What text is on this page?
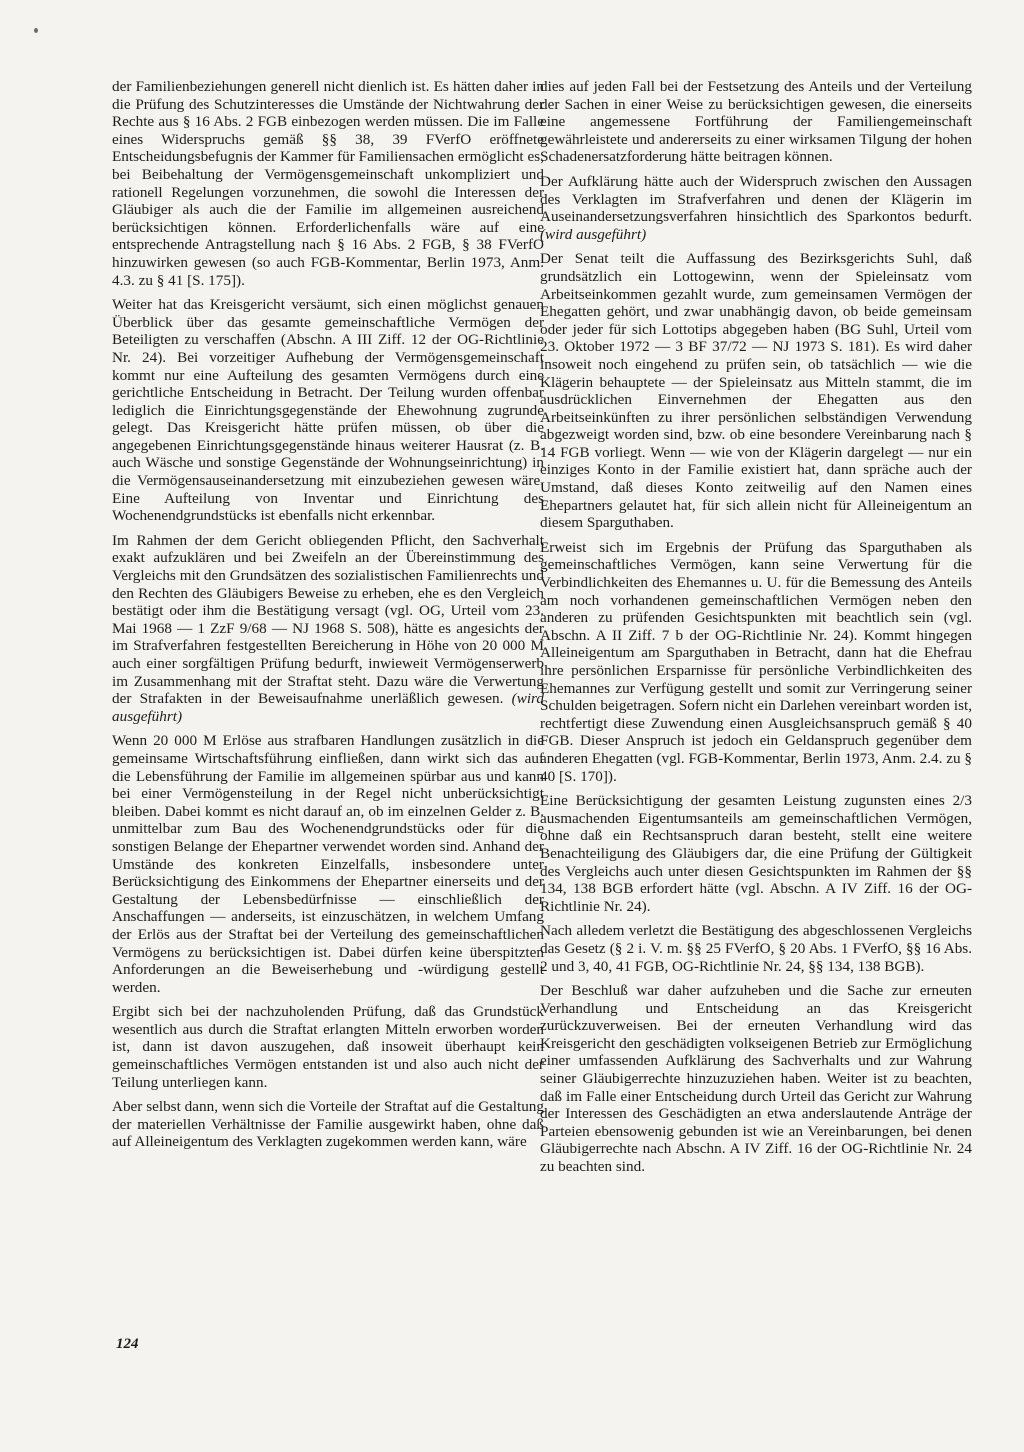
der Familienbeziehungen generell nicht dienlich ist. Es hätten daher in die Prüfung des Schutzinteresses die Umstände der Nichtwahrung der Rechte aus § 16 Abs. 2 FGB einbezogen werden müssen. Die im Falle eines Widerspruchs gemäß §§ 38, 39 FVerfO eröffnete Entscheidungsbefugnis der Kammer für Familiensachen ermöglicht es, bei Beibehaltung der Vermögensgemeinschaft unkompliziert und rationell Regelungen vorzunehmen, die sowohl die Interessen der Gläubiger als auch die der Familie im allgemeinen ausreichend berücksichtigen können. Erforderlichenfalls wäre auf eine entsprechende Antragstellung nach § 16 Abs. 2 FGB, § 38 FVerfO hinzuwirken gewesen (so auch FGB-Kommentar, Berlin 1973, Anm. 4.3. zu § 41 [S. 175]).

Weiter hat das Kreisgericht versäumt, sich einen möglichst genauen Überblick über das gesamte gemeinschaftliche Vermögen der Beteiligten zu verschaffen (Abschn. A III Ziff. 12 der OG-Richtlinie Nr. 24). Bei vorzeitiger Aufhebung der Vermögensgemeinschaft kommt nur eine Aufteilung des gesamten Vermögens durch eine gerichtliche Entscheidung in Betracht. Der Teilung wurden offenbar lediglich die Einrichtungsgegenstände der Ehewohnung zugrunde gelegt. Das Kreisgericht hätte prüfen müssen, ob über die angegebenen Einrichtungsgegenstände hinaus weiterer Hausrat (z. B. auch Wäsche und sonstige Gegenstände der Wohnungseinrichtung) in die Vermögensauseinandersetzung mit einzubeziehen gewesen wäre. Eine Aufteilung von Inventar und Einrichtung des Wochenendgrundstücks ist ebenfalls nicht erkennbar.

Im Rahmen der dem Gericht obliegenden Pflicht, den Sachverhalt exakt aufzuklären und bei Zweifeln an der Übereinstimmung des Vergleichs mit den Grundsätzen des sozialistischen Familienrechts und den Rechten des Gläubigers Beweise zu erheben, ehe es den Vergleich bestätigt oder ihm die Bestätigung versagt (vgl. OG, Urteil vom 23. Mai 1968 — 1 ZzF 9/68 — NJ 1968 S. 508), hätte es angesichts der im Strafverfahren festgestellten Bereicherung in Höhe von 20 000 M auch einer sorgfältigen Prüfung bedurft, inwieweit Vermögenserwerb im Zusammenhang mit der Straftat steht. Dazu wäre die Verwertung der Strafakten in der Beweisaufnahme unerläßlich gewesen. (wird ausgeführt)

Wenn 20 000 M Erlöse aus strafbaren Handlungen zusätzlich in die gemeinsame Wirtschaftsführung einfließen, dann wirkt sich das auf die Lebensführung der Familie im allgemeinen spürbar aus und kann bei einer Vermögensteilung in der Regel nicht unberücksichtigt bleiben. Dabei kommt es nicht darauf an, ob im einzelnen Gelder z. B. unmittelbar zum Bau des Wochenendgrundstücks oder für die sonstigen Belange der Ehepartner verwendet worden sind. Anhand der Umstände des konkreten Einzelfalls, insbesondere unter Berücksichtigung des Einkommens der Ehepartner einerseits und der Gestaltung der Lebensbedürfnisse — einschließlich der Anschaffungen — anderseits, ist einzuschätzen, in welchem Umfang der Erlös aus der Straftat bei der Verteilung des gemeinschaftlichen Vermögens zu berücksichtigen ist. Dabei dürfen keine überspitzten Anforderungen an die Beweiserhebung und -würdigung gestellt werden.

Ergibt sich bei der nachzuholenden Prüfung, daß das Grundstück wesentlich aus durch die Straftat erlangten Mitteln erworben worden ist, dann ist davon auszugehen, daß insoweit überhaupt kein gemeinschaftliches Vermögen entstanden ist und also auch nicht der Teilung unterliegen kann.

Aber selbst dann, wenn sich die Vorteile der Straftat auf die Gestaltung der materiellen Verhältnisse der Familie ausgewirkt haben, ohne daß auf Alleineigentum des Verklagten zugekommen werden kann, wäre

dies auf jeden Fall bei der Festsetzung des Anteils und der Verteilung der Sachen in einer Weise zu berücksichtigen gewesen, die einerseits eine angemessene Fortführung der Familiengemeinschaft gewährleistete und andererseits zu einer wirksamen Tilgung der hohen Schadenersatzforderung hätte beitragen können.

Der Aufklärung hätte auch der Widerspruch zwischen den Aussagen des Verklagten im Strafverfahren und denen der Klägerin im Auseinandersetzungsverfahren hinsichtlich des Sparkontos bedurft. (wird ausgeführt)

Der Senat teilt die Auffassung des Bezirksgerichts Suhl, daß grundsätzlich ein Lottogewinn, wenn der Spieleinsatz vom Arbeitseinkommen gezahlt wurde, zum gemeinsamen Vermögen der Ehegatten gehört, und zwar unabhängig davon, ob beide gemeinsam oder jeder für sich Lottotips abgegeben haben (BG Suhl, Urteil vom 23. Oktober 1972 — 3 BF 37/72 — NJ 1973 S. 181). Es wird daher insoweit noch eingehend zu prüfen sein, ob tatsächlich — wie die Klägerin behauptete — der Spieleinsatz aus Mitteln stammt, die im ausdrücklichen Einvernehmen der Ehegatten aus den Arbeitseinkünften zu ihrer persönlichen selbständigen Verwendung abgezweigt worden sind, bzw. ob eine besondere Vereinbarung nach § 14 FGB vorliegt. Wenn — wie von der Klägerin dargelegt — nur ein einziges Konto in der Familie existiert hat, dann spräche auch der Umstand, daß dieses Konto zeitweilig auf den Namen eines Ehepartners gelautet hat, für sich allein nicht für Alleineigentum an diesem Sparguthaben.

Erweist sich im Ergebnis der Prüfung das Sparguthaben als gemeinschaftliches Vermögen, kann seine Verwertung für die Verbindlichkeiten des Ehemannes u. U. für die Bemessung des Anteils am noch vorhandenen gemeinschaftlichen Vermögen neben den anderen zu prüfenden Gesichtspunkten mit beachtlich sein (vgl. Abschn. A II Ziff. 7 b der OG-Richtlinie Nr. 24). Kommt hingegen Alleineigentum am Sparguthaben in Betracht, dann hat die Ehefrau ihre persönlichen Ersparnisse für persönliche Verbindlichkeiten des Ehemannes zur Verfügung gestellt und somit zur Verringerung seiner Schulden beigetragen. Sofern nicht ein Darlehen vereinbart worden ist, rechtfertigt diese Zuwendung einen Ausgleichsanspruch gemäß § 40 FGB. Dieser Anspruch ist jedoch ein Geldanspruch gegenüber dem anderen Ehegatten (vgl. FGB-Kommentar, Berlin 1973, Anm. 2.4. zu § 40 [S. 170]).

Eine Berücksichtigung der gesamten Leistung zugunsten eines 2/3 ausmachenden Eigentumsanteils am gemeinschaftlichen Vermögen, ohne daß ein Rechtsanspruch daran besteht, stellt eine weitere Benachteiligung des Gläubigers dar, die eine Prüfung der Gültigkeit des Vergleichs auch unter diesen Gesichtspunkten im Rahmen der §§ 134, 138 BGB erfordert hätte (vgl. Abschn. A IV Ziff. 16 der OG-Richtlinie Nr. 24).

Nach alledem verletzt die Bestätigung des abgeschlossenen Vergleichs das Gesetz (§ 2 i. V. m. §§ 25 FVerfO, § 20 Abs. 1 FVerfO, §§ 16 Abs. 2 und 3, 40, 41 FGB, OG-Richtlinie Nr. 24, §§ 134, 138 BGB).

Der Beschluß war daher aufzuheben und die Sache zur erneuten Verhandlung und Entscheidung an das Kreisgericht zurückzuverweisen. Bei der erneuten Verhandlung wird das Kreisgericht den geschädigten volkseigenen Betrieb zur Ermöglichung einer umfassenden Aufklärung des Sachverhalts und zur Wahrung seiner Gläubigerrechte hinzuzuziehen haben. Weiter ist zu beachten, daß im Falle einer Entscheidung durch Urteil das Gericht zur Wahrung der Interessen des Geschädigten an etwa anderslautende Anträge der Parteien ebensowenig gebunden ist wie an Vereinbarungen, bei denen Gläubigerrechte nach Abschn. A IV Ziff. 16 der OG-Richtlinie Nr. 24 zu beachten sind.

124
